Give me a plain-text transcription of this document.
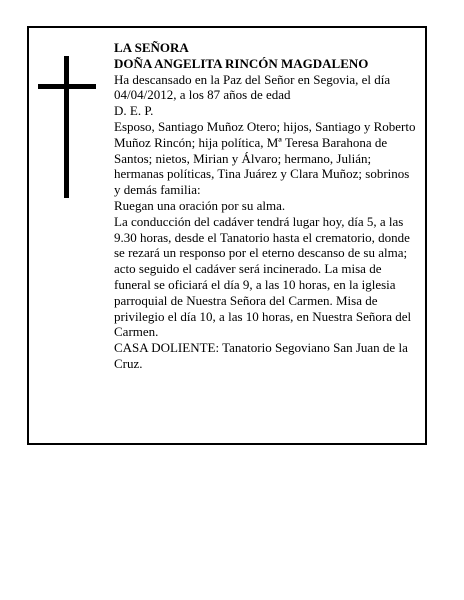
LA SEÑORA

DOÑA ANGELITA RINCÓN MAGDALENO

Ha descansado en la Paz del Señor en Segovia, el día 04/04/2012, a los 87 años de edad

D. E. P.

Esposo, Santiago Muñoz Otero; hijos, Santiago y Roberto Muñoz Rincón; hija política, Mª Teresa Barahona de Santos; nietos, Mirian y Álvaro; hermano, Julián; hermanas políticas, Tina Juárez y Clara Muñoz; sobrinos y demás familia:

Ruegan una oración por su alma.

La conducción del cadáver tendrá lugar hoy, día 5, a las 9.30 horas, desde el Tanatorio hasta el crematorio, donde se rezará un responso por el eterno descanso de su alma; acto seguido el cadáver será incinerado. La misa de funeral se oficiará el día 9, a las 10 horas, en la iglesia parroquial de Nuestra Señora del Carmen. Misa de privilegio el día 10, a las 10 horas, en Nuestra Señora del Carmen.

CASA DOLIENTE: Tanatorio Segoviano San Juan de la Cruz.
